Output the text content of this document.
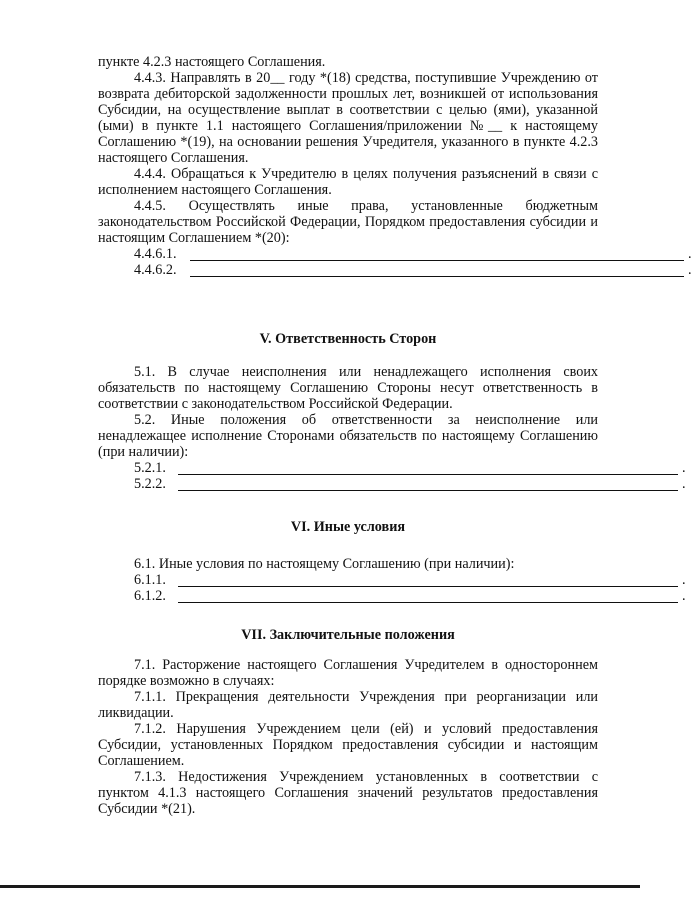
пункте 4.2.3 настоящего Соглашения.

4.4.3. Направлять в 20__ году *(18) средства, поступившие Учреждению от возврата дебиторской задолженности прошлых лет, возникшей от использования Субсидии, на осуществление выплат в соответствии с целью (ями), указанной (ыми) в пункте 1.1 настоящего Соглашения/приложении №__ к настоящему Соглашению *(19), на основании решения Учредителя, указанного в пункте 4.2.3 настоящего Соглашения.

4.4.4. Обращаться к Учредителю в целях получения разъяснений в связи с исполнением настоящего Соглашения.

4.4.5. Осуществлять иные права, установленные бюджетным законодательством Российской Федерации, Порядком предоставления субсидии и настоящим Соглашением *(20):

4.4.6.1.	.
4.4.6.2.	.
V. Ответственность Сторон

5.1. В случае неисполнения или ненадлежащего исполнения своих обязательств по настоящему Соглашению Стороны несут ответственность в соответствии с законодательством Российской Федерации.

5.2. Иные положения об ответственности за неисполнение или ненадлежащее исполнение Сторонами обязательств по настоящему Соглашению (при наличии):

5.2.1.	.
5.2.2.	.
VI. Иные условия

6.1. Иные условия по настоящему Соглашению (при наличии):

6.1.1.	.
6.1.2.	.
VII. Заключительные положения

7.1. Расторжение настоящего Соглашения Учредителем в одностороннем порядке возможно в случаях:

7.1.1. Прекращения деятельности Учреждения при реорганизации или ликвидации.

7.1.2. Нарушения Учреждением цели (ей) и условий предоставления Субсидии, установленных Порядком предоставления субсидии и настоящим Соглашением.

7.1.3. Недостижения Учреждением установленных в соответствии с пунктом 4.1.3 настоящего Соглашения значений результатов предоставления Субсидии *(21).
